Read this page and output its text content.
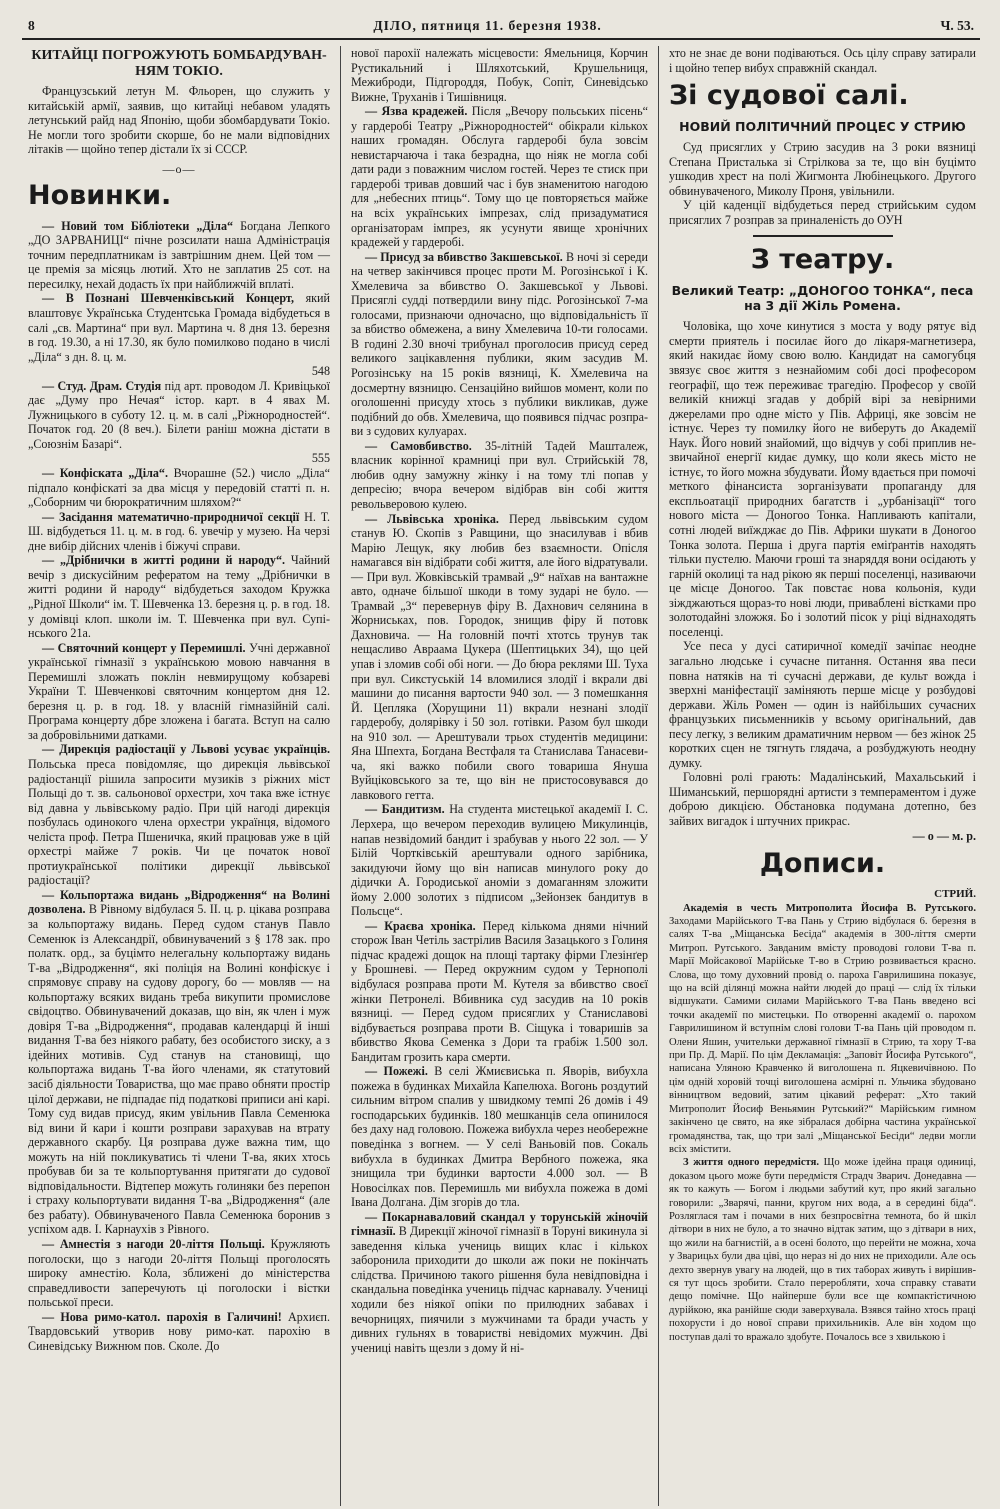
8	ДІЛО, пятниця 11. березня 1938.	Ч. 53.
КИТАЙЦІ ПОГРОЖУЮТЬ БОМБАРДУВАННЯМ ТОКІО.

Французський летун М. Фльорен, що служить у китайській армії, заявив, що китайці небавом уладять летунський райд над Японію, щоби збомбардувати Токіо. Не могли того зробити скорше, бо не мали відповідних літаків — щойно тепер дістали їх зі СССР.

—o—
Новинки.

— Новий том Бібліотеки „Діла“ Богдана Лепкого „ДО ЗАРВАНИЦІ“ пічне розсилати наша Адміністрація точним передплатникам із завтрішним днем. Цей том — це премія за місяць лютий. Хто не заплатив 25 сот. на пересилку, нехай додасть їх при найближчій вплаті.

— В Познані Шевченківський Концерт, який влаштовує Українська Студентська Громада відбудеться в салі „св. Мартина“ при вул. Мартина ч. 8 дня 13. березня в год. 19.30, а ні 17.30, як було помилково подано в числі „Діла“ з дн. 8. ц. м.

548

— Студ. Драм. Студія під арт. проводом Л. Кривіцької дає „Думу про Нечая“ істор. карт. в 4 явах М. Лужницького в суботу 12. ц. м. в салі „Ріжнородностей“. Початок год. 20 (8 веч.). Білети раніш можна дістати в „Союзнім Базарі“.

555

— Конфіската „Діла“. Вчорашне (52.) число „Діла“ підпало конфіскаті за два місця у передовій статті п. н. „Соборним чи бюрократичним шляхом?“

— Засідання математично-природничої секції Н. Т. Ш. відбудеться 11. ц. м. в год. 6. увечір у музею. На черзі дне вибір дійсних членів і біжучі справи.

— „Дрібнички в житті родини й народу“. Чайний вечір з дискусійним рефератом на тему „Дрібнички в житті родини й народу“ відбудеться заходом Кружка „Рідної Школи“ ім. Т. Шевченка 13. березня ц. р. в год. 18. у домівці клоп. школи ім. Т. Шевченка при вул. Супінського 21а.

— Святочний концерт у Перемишлі. Учні державної української гімназії з українською мовою навчання в Перемишлі зложать поклін невмирущому кобзареві України Т. Шевченкові святочним концертом дня 12. березня ц. р. в год. 18. у власній гімназійній салі. Програма концерту дбре зложена і багата. Вступ на салю за добровільними датками.

— Дирекція радіостації у Львові усуває українців. Польська преса повідомляє, що дирекція львівської радіостанції рішила запросити музиків з ріжних міст Польщі до т. зв. сальонової орхестри, хоч така вже істнує від давна у львівському радіо. При цій нагоді дирекція позбулась одинокого члена орхестри українця, відомого челіста проф. Петра Пшеничка, який працював уже в цій орхестрі майже 7 років. Чи це початок нової протиукраїнської політики дирекції львівської радіостації?

— Кольпортажа видань „Відродження“ на Волині дозволена. В Рівному відбулася 5. II. ц. р. цікава розправа за кольпортажу видань. Перед судом станув Павло Семенюк із Александрії, обвинувачений з § 178 зак. про полатк. орд., за буцімто нелегальну кольпортажу видань Т-ва „Відродження“, які поліція на Волині конфіскує і спрямовує справу на судову дорогу, бо — мовляв — на кольпортажу всяких видань треба викупити промисловe свідоцтво. Обвинувачений доказав, що він, як член і муж довіря Т-ва „Відродження“, продавав календарці й інші видання Т-ва без ніякого рабату, без особистого зиску, а з ідейних мотивів. Суд станув на становищі, що кольпортажа видань Т-ва його членами, як статутовий засіб діяльности Товариства, що має право обняти простір цілої держави, не підпадає під податкові приписи ані карі. Тому суд видав присуд, яким увільнив Павла Семенюка від вини й кари і кошти розправи зарахував на втрату державного скарбу. Ця розправа дуже важна тим, що можуть на ній покликуватись ті члени Т-ва, яких хтось пробував би за те кольпортування притягати до судової відповідальности. Відтепер можуть голиняки без перепон і страху кольпортувати видання Т-ва „Відродження“ (але без рабату). Обвинуваченого Павла Семенюка боронив з успіхом адв. І. Карнаухів з Рівного.

— Амнестія з нагоди 20-ліття Польщі. Кружляють поголоски, що з нагоди 20-ліття Польщі проголосять широку амнестію. Кола, зближені до міністерства справедливости заперечують ці поголоски і вістки польської преси.

— Нова римо-катол. парохія в Галичині! Архиєп. Твардовський утворив нову римо-кат. парохію в Синевідську Вижнюм пов. Сколе. До

нової парохії належать місцевости: Ямельниця, Корчин Рустикальний і Шляхотський, Крушельниця, Межиброди, Підгороддя, Побук, Сопіт, Синевідсько Вижне, Труханів і Тишівниця.

— Язва крадежей. Після „Вечору польських пісень“ у гардеробі Театру „Ріжнородностей“ обікрали кількох наших громадян. Обслуга гардеробі була зовсім невистарчаюча і така безрадна, що ніяк не могла собі дати ради з поважним числом гостей. Через те стиск при гардеробі тривав довший час і був знаменитою нагодою для „небесних птиць“. Тому що це повторяється майже на всіх українських імпрезах, слід призадуматися організаторам імпрез, як усунути явище хронічних крадежей у гардеробі.

— Присуд за вбивство Закшевської. В ночі зі середи на четвер закінчився процес проти М. Рогозінської і К. Хмелевича за вбивство О. Закшевської у Львові. Присяглі судді потвердили вину підс. Рогозінської 7-ма голосами, признаючи одночасно, що відповідальність її за вбиство обмежена, а вину Хмелевича 10-ти голосами. В годині 2.30 вночі трибунал проголосив присуд серед великого зацікавлення публики, яким засудив М. Рогозінську на 15 років вязниці, К. Хмелевича на досмертну вязницю. Сензаційно вийшов момент, коли по оголошенні присуду хтось з публики викликав, дуже подібний до обв. Хмелевича, що появився підчас розправи з судових кулуарах.

— Самовбивство. 35-літній Тадей Машталеж, власник корінної крамниці при вул. Стрийській 78, любив одну замужну жінку і на тому тлі попав у депресію; вчора вечером відібрав він собі життя револьверовою кулею.

— Львівська хроніка. Перед львівським судом станув Ю. Скопів з Равщини, що знасилував і вбив Марію Лещук, яку любив без взаємности. Опісля намагався він відібрати собі життя, але його відратували. — При вул. Жовківській трамвай „9“ наїхав на вантажне авто, одначе більшої шкоди в тому зударі не було. — Трамвай „3“ перевернув фіру В. Дахнович селянина в Жорниськах, пов. Городок, знищив фіру й потовк Дахновича. — На головній почті хтотсь трунув так нещасливо Авраама Цукера (Шептицьких 34), що цей упав і зломив собі обі ноги. — До бюра реклями Ш. Туха при вул. Сикстуській 14 вломилися злодії і вкрали дві машини до писання вартости 940 зол. — З помешкання Й. Цепляка (Хорущини 11) вкрали незнані злодії гардеробу, долярівку і 50 зол. готівки. Разом бул шкоди на 910 зол. — Арештували трьох студентів медицини: Яна Шпехта, Богдана Вестфаля та Станислава Танасевича, які важко побили свого товариша Януша Вуйціковського за те, що він не пристосовувався до лавкового гетта.

— Бандитизм. На студента мистецької академії І. С. Лерхера, що вечером переходив вулицею Микулинців, напав незвідомий бандит і зрабував у нього 22 зол. — У Білій Чортківській арештували одного зарібника, закидуючи йому що він написав минулого року до дідички А. Городиської аноміи з домаганням зложити йому 2.000 золотих з підписом „Зейонзек бандитув в Польсце“.

— Краєва хроніка. Перед кількома днями нічний сторож Іван Четіль застрілив Василя Зазацького з Голиня підчас крадежі дощок на площі тартаку фірми Глезінґер у Брошневі. — Перед окружним судом у Тернополі відбулася розправа проти М. Кутеля за вбивство своєї жінки Петронелі. Вбивника суд засудив на 10 років вязниці. — Перед судом присяглих у Станиславові відбувається розправа проти В. Сіщука і товаришів за вбивство Якова Семенка з Дори та грабіж 1.500 зол. Бандитам грозить кара смерти.

— Пожежі. В селі Жмиєвиська п. Яворів, вибухла пожежа в будинках Михайла Капелюха. Вогонь роздутий сильним вітром спалив у швидкому темпі 26 домів і 49 господарських будинків. 180 мешканців села опинилося без даху над головою. Пожежа вибухла через необережне поведінка з вогнем. — У селі Ваньовій пов. Сокаль вибухла в будинках Дмитра Вербного пожежа, яка знищила три будинки вартости 4.000 зол. — В Новосілках пов. Перемишль ми вибухла пожежа в домі Івана Долгана. Дім згорів до тла.

— Покарнаваловий скандал у торунській жіночій гімназії. В Дирекції жіночої гімназії в Торуні викинула зі заведення кілька учениць вищих клас і кількох заборонила приходити до школи аж поки не покінчать слідства. Причиною такого рішення була невідповідна і скандальна поведінка учениць підчас карнавалу. Учениці ходили без ніякої опіки по прилюдних забавах і вечорницях, пиячили з мужчинами та бради участь у дивних гульнях в товаристві невідомих мужчин. Дві учениці навіть щезли з дому й ні-

хто не знає де вони подіваються. Ось цілу справу затирали і щойно тепер вибух справжній скандал.

Зі судової салі.
НОВИЙ ПОЛІТИЧНИЙ ПРОЦЕС У СТРИЮ

Суд присяглих у Стрию засудив на 3 роки вязниці Степана Присталька зі Стрілкова за те, що він буцімто ушкодив хрест на полі Жигмонта Любінецького. Другого обвинуваченого, Миколу Проня, увільнили.

У цій каденції відбудеться перед стрийським судом присяглих 7 розправ за приналеність до ОУН

З театру.
Великий Театр: „ДОНОГОО ТОНКА“, песа на 3 дії Жіль Ромена.

Чоловіка, що хоче кинутися з моста у воду рятує від смерти приятель і посилає його до лікаря-магнетизера, який накидає йому свою волю. Кандидат на самогубця звязує своє життя з незнайомим собі досі професором географії, що теж переживає трагедію. Професор у своїй великій книжці згадав у добрій вірі за невірними джерелами про одне місто у Пів. Африці, яке зовсім не істнує. Через ту помилку його не виберуть до Академії Наук. Його новий знайомий, що відчув у собі приплив незвичайної енергії кидає думку, що коли якесь місто не істнує, то його можна збудувати. Йому вдається при помочі меткого фінансиста зорганізувати пропаганду для експльоатації природних багатств і „урбанізації“ того нового міста — Доногоо Тонка. Напливають капітали, сотні людей виїжджає до Пів. Африки шукати в Доногоо Тонка золота. Перша і друга партія еміґрантів находять тільки пустелю. Маючи гроші та знаряддя вони осідають у гарній околиці та над рікою як перші поселенці, називаючи це місце Доногоо. Так повстає нова кольонія, куди зіжджаються щораз-то нові люди, приваблені вістками про золотодайні зложжя. Бо і золотий пісок у ріці віднаходять поселенці.

Усе песа у дусі сатиричної комедії зачіпає неодне загально людське і сучасне питання. Остання ява песи повна натяків на ті сучасні держави, де культ вожда і зверхні маніфестації заміняють перше місце у розбудові держави. Жіль Ромен — один із найбільших сучасних французьких письменників у всьому оригінальний, дав песу легку, з великим драматичним нервом — без жінок 25 коротких сцен не тягнуть глядача, а розбуджують неодну думку.

Головні ролі грають: Мадалінський, Махальський і Шиманський, першорядні артисти з темпераментом і дуже доброю дикцією. Обстановка подумана дотепно, без зайвих вигадок і штучних прикрас.

— o — м. р.
Дописи.
СТРИЙ.

Академія в честь Митрополита Йосифа В. Рутського. Заходами Марійського Т-ва Пань у Стрию відбулася 6. березня в салях Т-ва „Міщанська Бесіда“ академія в 300-ліття смерти Митроп. Рутського. Завданим вмісту проводові голови Т-ва п. Марії Мойсакової Марійське Т-во в Стрию розвивається красно. Слова, що тому духовний провід о. пароха Гаврилишина показує, що на всій ділянці можна найти людей до праці — слід їх тільки відшукати. Самими силами Марійського Т-ва Пань введено всі точки академії по мистецьки. По отворенні академії о. парохом Гаврилишином й вступнім слові голови Т-ва Пань цій проводом п. Олени Яшин, учительки державної гімназії в Стрию, та хору Т-ва при Пр. Д. Марії. По цім Декламація: „Заповіт Йосифа Рутського“, написана Уляною Кравченко й виголошена п. Яцкевичівною. По цім одній хоровій точці виголошена асмірні п. Ульчика збудовано вінництвом ведовий, затим цікавий реферат: „Хто такий Митрополит Йосиф Веньямин Рутський?“ Марійським гимном закінчено це свято, на яке зібралася добірна частина української громадянства, так, що три залі „Міщанської Бесіди“ ледви могли всіх змістити.

З життя одного передмістя. Що може ідейна праця одиниці, доказом цього може бути передмістя Страдч Зварич. Донедавна — як то кажуть — Богом і людьми забутий кут, про який загально говорили: „Зварячі, панни, кругом них вода, а в середині біда“. Розляглася там і почами в них безпросвітна темнота, бо й шкіл дітвори в них не було, а то значно відтак затим, що з дітвари в них, що жили на багнистій, а в осені болото, що перейти не можна, хоча у Зварицьх були два ціві, що нераз ні до них не приходили. Але ось дехто звернув увагу на людей, що в тих таборах живуть і вирішився тут щось зробити. Стало переробляти, хоча справку ставати дещо помічне. Що найперше були все ще компактістичною дурійкою, яка ранійше сюди заверхувала. Взявся тайно хтось праці похорусти і до нової справи прихильників. Але він ходом що поступав далі то вражало здобуте. Почалось все з хвилькою і
